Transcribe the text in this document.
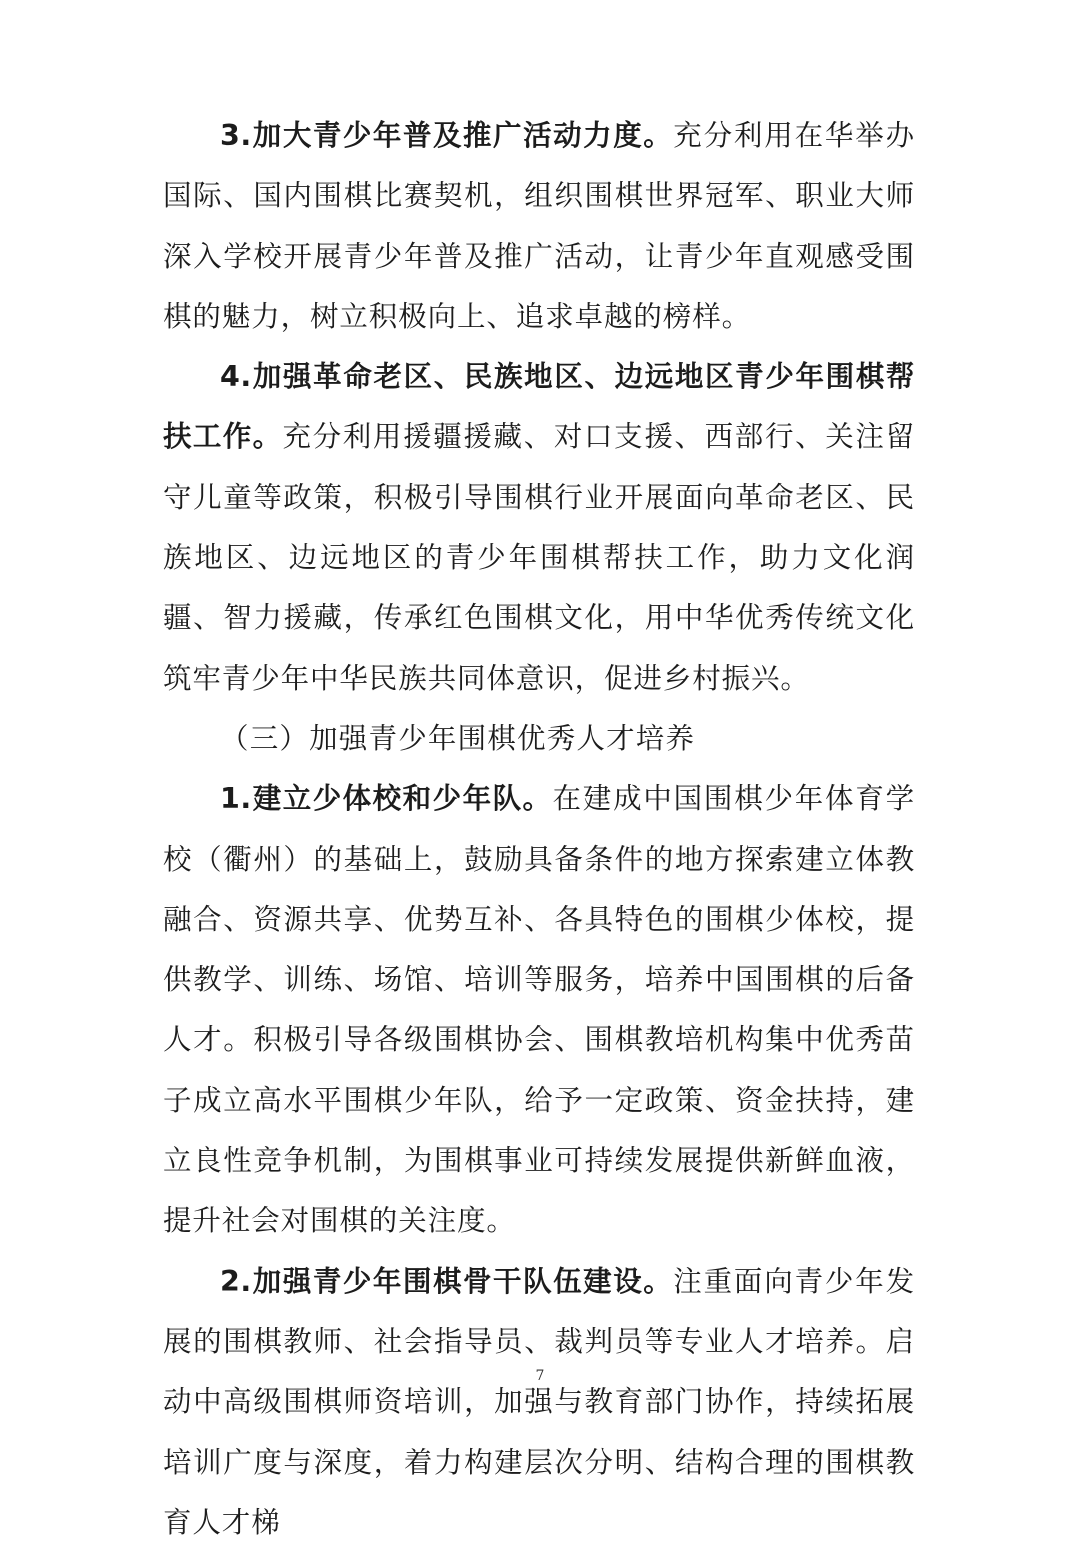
3.加大青少年普及推广活动力度。充分利用在华举办国际、国内围棋比赛契机，组织围棋世界冠军、职业大师深入学校开展青少年普及推广活动，让青少年直观感受围棋的魅力，树立积极向上、追求卓越的榜样。

4.加强革命老区、民族地区、边远地区青少年围棋帮扶工作。充分利用援疆援藏、对口支援、西部行、关注留守儿童等政策，积极引导围棋行业开展面向革命老区、民族地区、边远地区的青少年围棋帮扶工作，助力文化润疆、智力援藏，传承红色围棋文化，用中华优秀传统文化筑牢青少年中华民族共同体意识，促进乡村振兴。

（三）加强青少年围棋优秀人才培养

1.建立少体校和少年队。在建成中国围棋少年体育学校（衢州）的基础上，鼓励具备条件的地方探索建立体教融合、资源共享、优势互补、各具特色的围棋少体校，提供教学、训练、场馆、培训等服务，培养中国围棋的后备人才。积极引导各级围棋协会、围棋教培机构集中优秀苗子成立高水平围棋少年队，给予一定政策、资金扶持，建立良性竞争机制，为围棋事业可持续发展提供新鲜血液，提升社会对围棋的关注度。

2.加强青少年围棋骨干队伍建设。注重面向青少年发展的围棋教师、社会指导员、裁判员等专业人才培养。启动中高级围棋师资培训，加强与教育部门协作，持续拓展培训广度与深度，着力构建层次分明、结构合理的围棋教育人才梯

7
